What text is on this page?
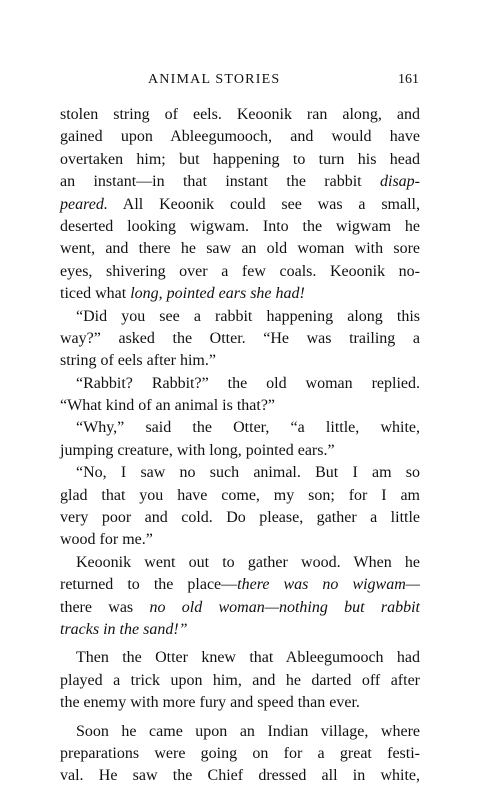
ANIMAL STORIES	161
stolen string of eels. Keoonik ran along, and
gained upon Ableegumooch, and would have
overtaken him; but happening to turn his head
an instant—in that instant the rabbit disap-
peared. All Keoonik could see was a small,
deserted looking wigwam. Into the wigwam he
went, and there he saw an old woman with sore
eyes, shivering over a few coals. Keoonik no-
ticed what long, pointed ears she had!
“Did you see a rabbit happening along this
way?” asked the Otter. “He was trailing a
string of eels after him.”
“Rabbit? Rabbit?” the old woman replied.
“What kind of an animal is that?”
“Why,” said the Otter, “a little, white,
jumping creature, with long, pointed ears.”
“No, I saw no such animal. But I am so
glad that you have come, my son; for I am
very poor and cold. Do please, gather a little
wood for me.”
Keoonik went out to gather wood. When he
returned to the place—there was no wigwam—
there was no old woman—nothing but rabbit
tracks in the sand!”
Then the Otter knew that Ableegumooch had
played a trick upon him, and he darted off after
the enemy with more fury and speed than ever.
Soon he came upon an Indian village, where
preparations were going on for a great festi-
val. He saw the Chief dressed all in white,
